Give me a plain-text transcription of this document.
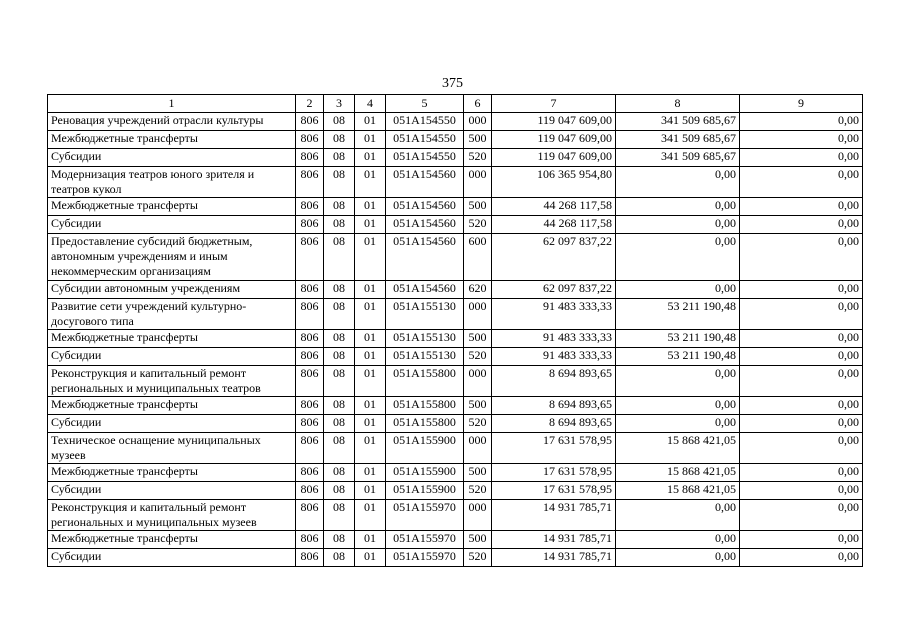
375
1	2	3	4	5	6	7	8	9
Реновация учреждений отрасли культуры	806	08	01	051А154550	000	119 047 609,00	341 509 685,67	0,00
Межбюджетные трансферты	806	08	01	051А154550	500	119 047 609,00	341 509 685,67	0,00
Субсидии	806	08	01	051А154550	520	119 047 609,00	341 509 685,67	0,00
Модернизация театров юного зрителя и театров кукол	806	08	01	051А154560	000	106 365 954,80	0,00	0,00
Межбюджетные трансферты	806	08	01	051А154560	500	44 268 117,58	0,00	0,00
Субсидии	806	08	01	051А154560	520	44 268 117,58	0,00	0,00
Предоставление субсидий бюджетным, автономным учреждениям и иным некоммерческим организациям	806	08	01	051А154560	600	62 097 837,22	0,00	0,00
Субсидии автономным учреждениям	806	08	01	051А154560	620	62 097 837,22	0,00	0,00
Развитие сети учреждений культурно-досугового типа	806	08	01	051А155130	000	91 483 333,33	53 211 190,48	0,00
Межбюджетные трансферты	806	08	01	051А155130	500	91 483 333,33	53 211 190,48	0,00
Субсидии	806	08	01	051А155130	520	91 483 333,33	53 211 190,48	0,00
Реконструкция и капитальный ремонт региональных и муниципальных театров	806	08	01	051А155800	000	8 694 893,65	0,00	0,00
Межбюджетные трансферты	806	08	01	051А155800	500	8 694 893,65	0,00	0,00
Субсидии	806	08	01	051А155800	520	8 694 893,65	0,00	0,00
Техническое оснащение муниципальных музеев	806	08	01	051А155900	000	17 631 578,95	15 868 421,05	0,00
Межбюджетные трансферты	806	08	01	051А155900	500	17 631 578,95	15 868 421,05	0,00
Субсидии	806	08	01	051А155900	520	17 631 578,95	15 868 421,05	0,00
Реконструкция и капитальный ремонт региональных и муниципальных музеев	806	08	01	051А155970	000	14 931 785,71	0,00	0,00
Межбюджетные трансферты	806	08	01	051А155970	500	14 931 785,71	0,00	0,00
Субсидии	806	08	01	051А155970	520	14 931 785,71	0,00	0,00
